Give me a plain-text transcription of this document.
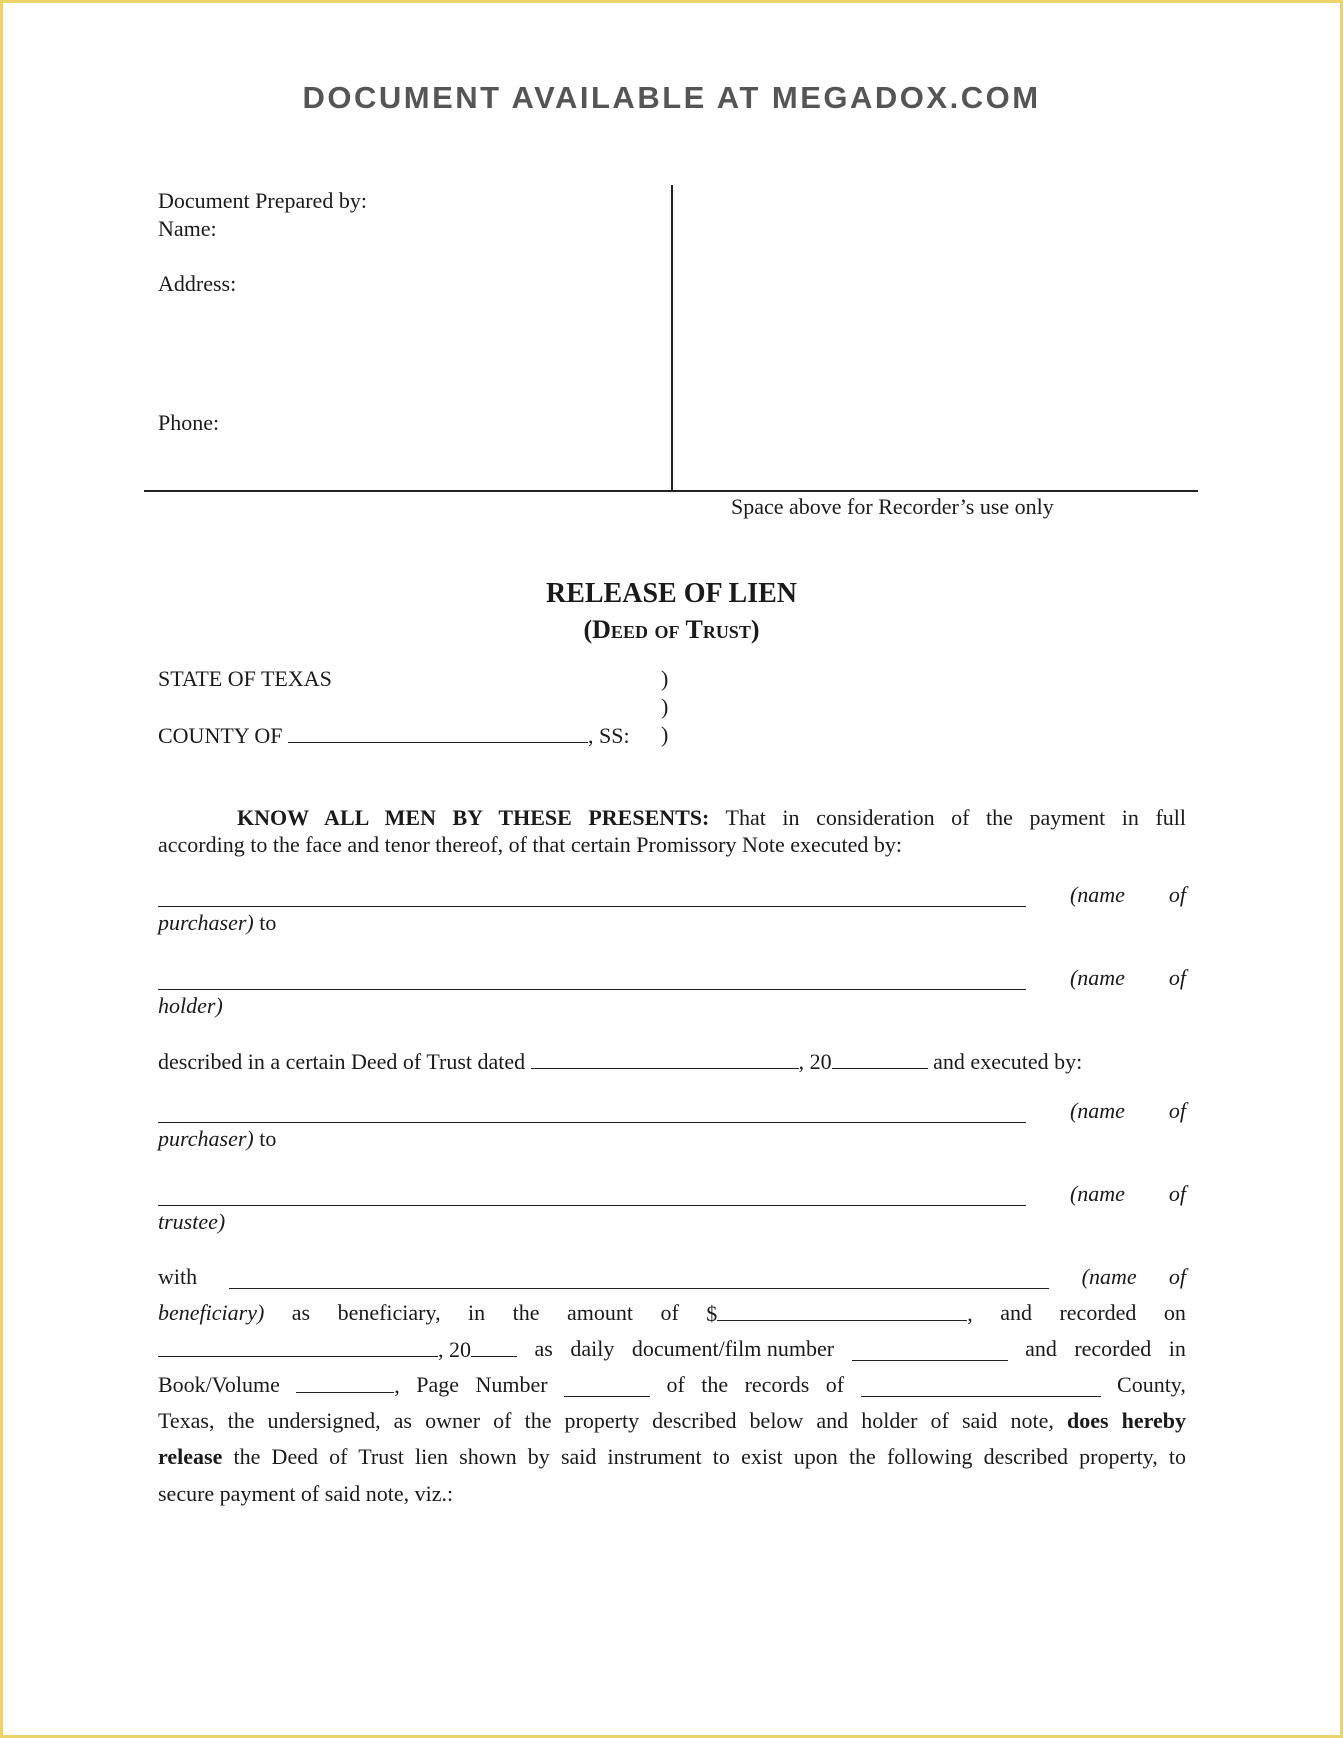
DOCUMENT AVAILABLE AT MEGADOX.COM
Document Prepared by:
Name:
Address:
Phone:
Space above for Recorder’s use only
RELEASE OF LIEN
(Deed of Trust)
STATE OF TEXAS	)
)
COUNTY OF	, SS: )
KNOW ALL MEN BY THESE PRESENTS: That in consideration of the payment in full
according to the face and tenor thereof, of that certain Promissory Note executed by:
(name of
purchaser) to
(name of
holder)
described in a certain Deed of Trust dated	, 20	and executed by:
(name of
purchaser) to
(name of
trustee)
with	(name of
beneficiary) as beneficiary, in the amount of $	, and recorded on
, 20	as daily document/film number	and recorded in
Book/Volume	, Page Number	of the records of	County,
Texas, the undersigned, as owner of the property described below and holder of said note, does hereby
release the Deed of Trust lien shown by said instrument to exist upon the following described property, to
secure payment of said note, viz.:
